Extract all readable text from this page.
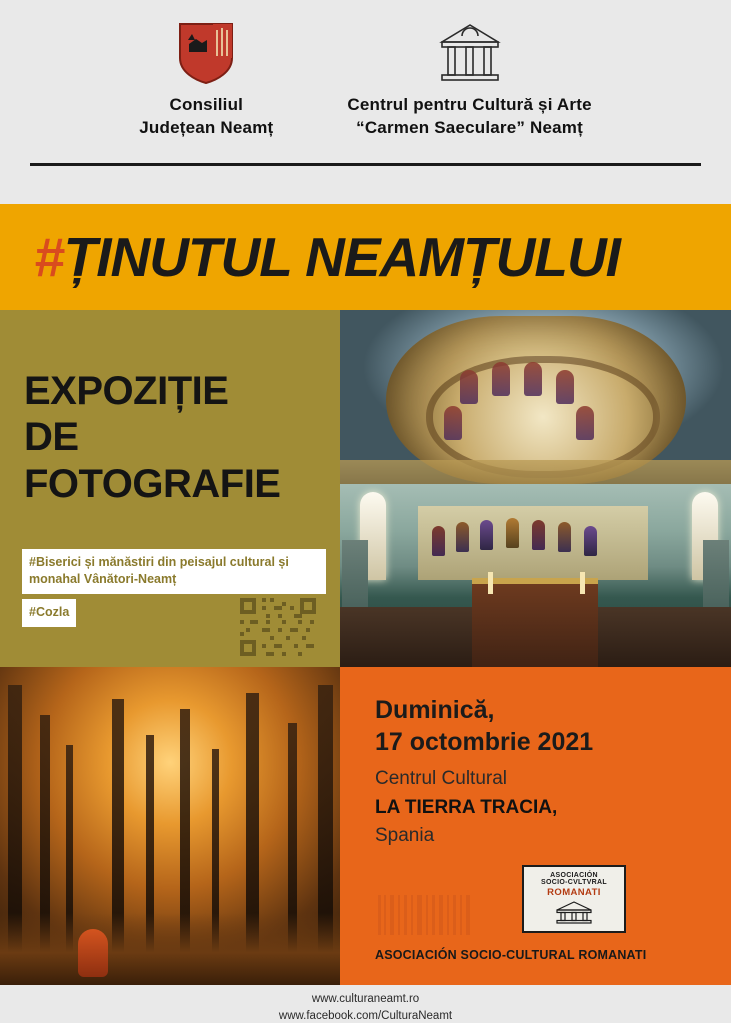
Consiliul
Județean Neamț
Centrul pentru Cultură și Arte
“Carmen Saeculare” Neamț
#ȚINUTUL NEAMȚULUI
EXPOZIȚIE
DE
FOTOGRAFIE
#Biserici și mănăstiri din peisajul cultural și monahal Vânători-Neamț
#Cozla
Duminică,
17 octombrie 2021
Centrul Cultural
LA TIERRA TRACIA,
Spania
ASOCIACIÓN
SOCIO-CVLTVRAL
ROMANATI
ASOCIACIÓN SOCIO-CULTURAL ROMANATI
www.culturaneamt.ro
www.facebook.com/CulturaNeamt
